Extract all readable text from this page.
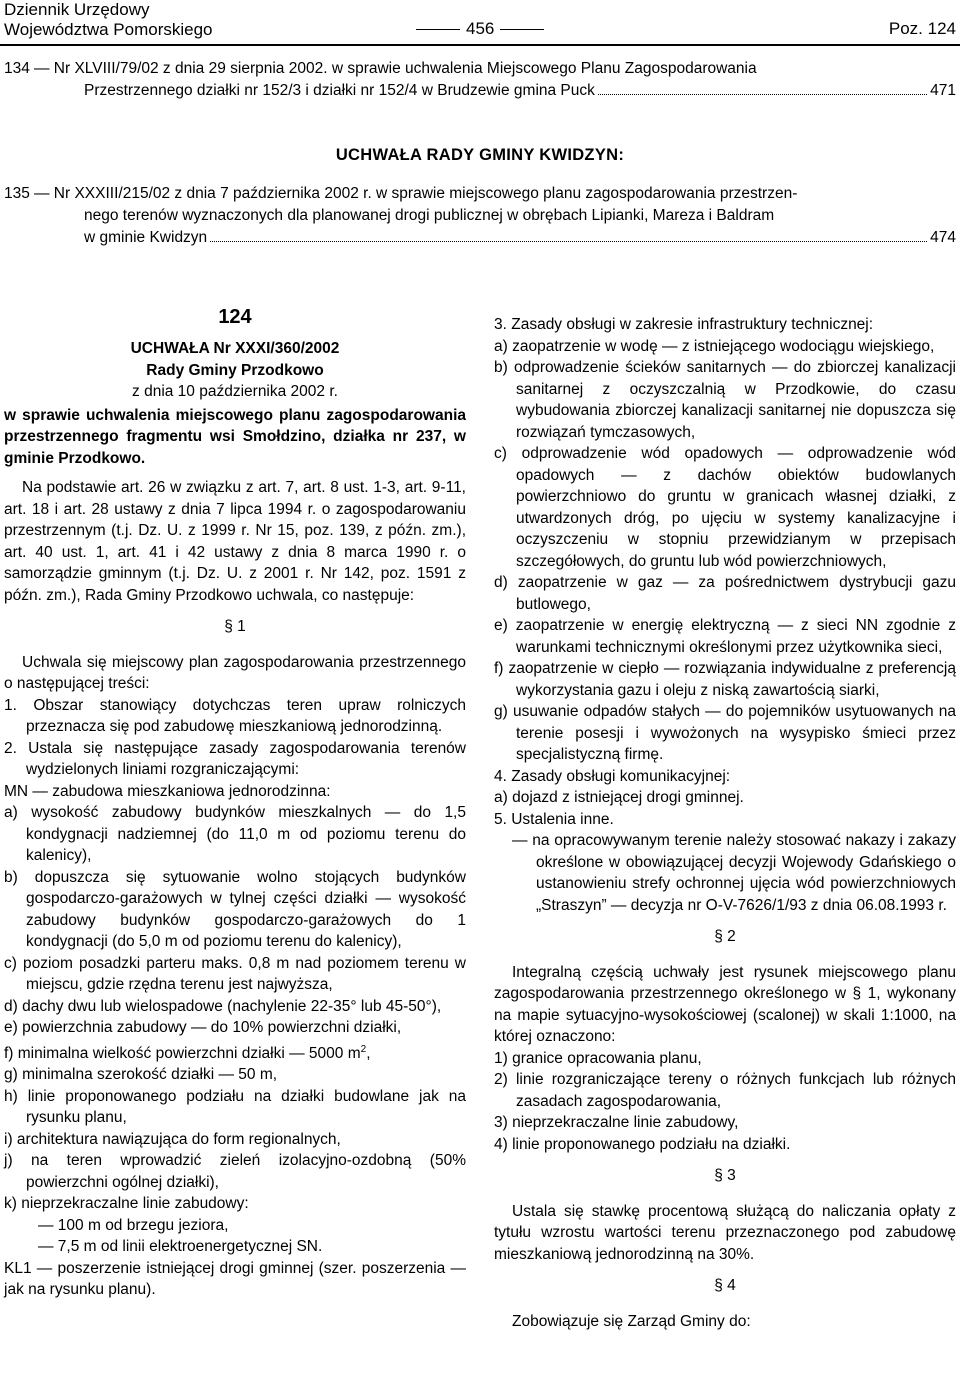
Dziennik Urzędowy
Województwa Pomorskiego	456	Poz. 124
134 — Nr XLVIII/79/02 z dnia 29 sierpnia 2002. w sprawie uchwalenia Miejscowego Planu Zagospodarowania
Przestrzennego działki nr 152/3 i działki nr 152/4 w Brudzewie gmina Puck	471
UCHWAŁA RADY GMINY KWIDZYN:
135 — Nr XXXIII/215/02 z dnia 7 października 2002 r. w sprawie miejscowego planu zagospodarowania przestrzen-
nego terenów wyznaczonych dla planowanej drogi publicznej w obrębach Lipianki, Mareza i Baldram
w gminie Kwidzyn	474
124
UCHWAŁA Nr XXXI/360/2002
Rady Gminy Przodkowo
z dnia 10 października 2002 r.

w sprawie uchwalenia miejscowego planu zagospodarowania przestrzennego fragmentu wsi Smołdzino, działka nr 237, w gminie Przodkowo.

Na podstawie art. 26 w związku z art. 7, art. 8 ust. 1-3, art. 9-11, art. 18 i art. 28 ustawy z dnia 7 lipca 1994 r. o zagospodarowaniu przestrzennym (t.j. Dz. U. z 1999 r. Nr 15, poz. 139, z późn. zm.), art. 40 ust. 1, art. 41 i 42 ustawy z dnia 8 marca 1990 r. o samorządzie gminnym (t.j. Dz. U. z 2001 r. Nr 142, poz. 1591 z późn. zm.), Rada Gminy Przodkowo uchwala, co następuje:

§ 1

Uchwala się miejscowy plan zagospodarowania przestrzennego o następującej treści:

1. Obszar stanowiący dotychczas teren upraw rolniczych przeznacza się pod zabudowę mieszkaniową jednorodzinną.

2. Ustala się następujące zasady zagospodarowania terenów wydzielonych liniami rozgraniczającymi:

MN — zabudowa mieszkaniowa jednorodzinna:

a) wysokość zabudowy budynków mieszkalnych — do 1,5 kondygnacji nadziemnej (do 11,0 m od poziomu terenu do kalenicy),

b) dopuszcza się sytuowanie wolno stojących budynków gospodarczo-garażowych w tylnej części działki — wysokość zabudowy budynków gospodarczo-garażowych do 1 kondygnacji (do 5,0 m od poziomu terenu do kalenicy),

c) poziom posadzki parteru maks. 0,8 m nad poziomem terenu w miejscu, gdzie rzędna terenu jest najwyższa,

d) dachy dwu lub wielospadowe (nachylenie 22-35° lub 45-50°),

e) powierzchnia zabudowy — do 10% powierzchni działki,

f) minimalna wielkość powierzchni działki — 5000 $m^2$,

g) minimalna szerokość działki — 50 m,

h) linie proponowanego podziału na działki budowlane jak na rysunku planu,

i) architektura nawiązująca do form regionalnych,

j) na teren wprowadzić zieleń izolacyjno-ozdobną (50% powierzchni ogólnej działki),

k) nieprzekraczalne linie zabudowy:

— 100 m od brzegu jeziora,

— 7,5 m od linii elektroenergetycznej SN.

KL1 — poszerzenie istniejącej drogi gminnej (szer. poszerzenia — jak na rysunku planu).

3. Zasady obsługi w zakresie infrastruktury technicznej:

a) zaopatrzenie w wodę — z istniejącego wodociągu wiejskiego,

b) odprowadzenie ścieków sanitarnych — do zbiorczej kanalizacji sanitarnej z oczyszczalnią w Przodkowie, do czasu wybudowania zbiorczej kanalizacji sanitarnej nie dopuszcza się rozwiązań tymczasowych,

c) odprowadzenie wód opadowych — odprowadzenie wód opadowych — z dachów obiektów budowlanych powierzchniowo do gruntu w granicach własnej działki, z utwardzonych dróg, po ujęciu w systemy kanalizacyjne i oczyszczeniu w stopniu przewidzianym w przepisach szczegółowych, do gruntu lub wód powierzchniowych,

d) zaopatrzenie w gaz — za pośrednictwem dystrybucji gazu butlowego,

e) zaopatrzenie w energię elektryczną — z sieci NN zgodnie z warunkami technicznymi określonymi przez użytkownika sieci,

f) zaopatrzenie w ciepło — rozwiązania indywidualne z preferencją wykorzystania gazu i oleju z niską zawartością siarki,

g) usuwanie odpadów stałych — do pojemników usytuowanych na terenie posesji i wywożonych na wysypisko śmieci przez specjalistyczną firmę.

4. Zasady obsługi komunikacyjnej:

a) dojazd z istniejącej drogi gminnej.

5. Ustalenia inne.

— na opracowywanym terenie należy stosować nakazy i zakazy określone w obowiązującej decyzji Wojewody Gdańskiego o ustanowieniu strefy ochronnej ujęcia wód powierzchniowych „Straszyn” — decyzja nr O-V-7626/1/93 z dnia 06.08.1993 r.

§ 2

Integralną częścią uchwały jest rysunek miejscowego planu zagospodarowania przestrzennego określonego w § 1, wykonany na mapie sytuacyjno-wysokościowej (scalonej) w skali 1:1000, na której oznaczono:

1) granice opracowania planu,

2) linie rozgraniczające tereny o różnych funkcjach lub różnych zasadach zagospodarowania,

3) nieprzekraczalne linie zabudowy,

4) linie proponowanego podziału na działki.

§ 3

Ustala się stawkę procentową służącą do naliczania opłaty z tytułu wzrostu wartości terenu przeznaczonego pod zabudowę mieszkaniową jednorodzinną na 30%.

§ 4

Zobowiązuje się Zarząd Gminy do:
